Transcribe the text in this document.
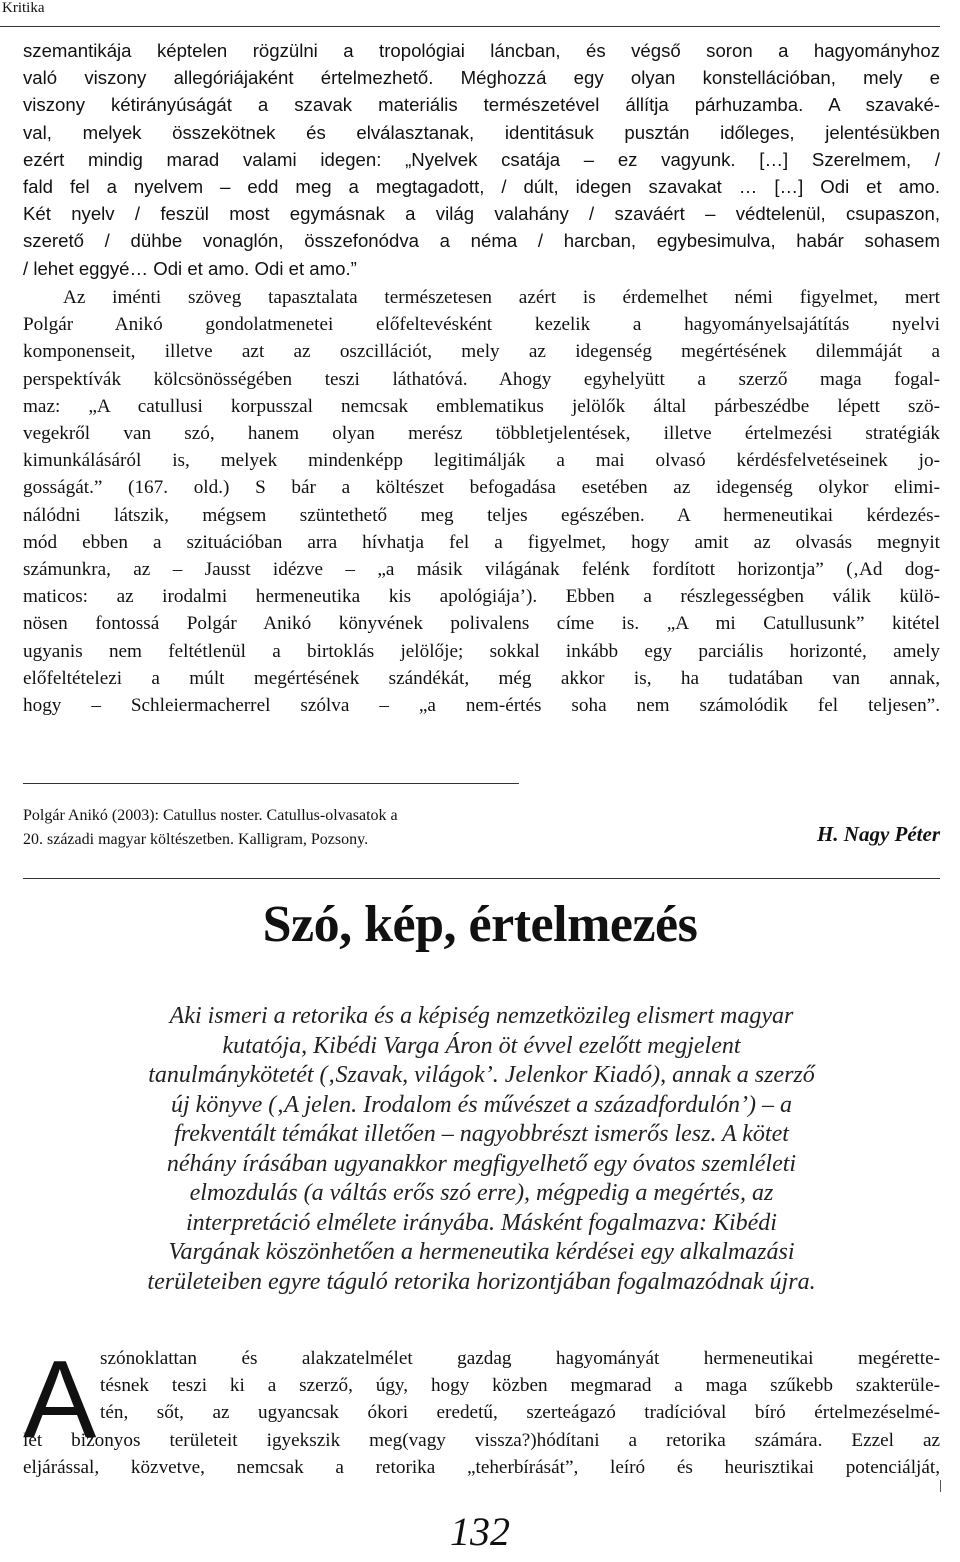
Kritika
szemantikája képtelen rögzülni a tropológiai láncban, és végső soron a hagyományhoz
való viszony allegóriájaként értelmezhető. Méghozzá egy olyan konstellációban, mely e
viszony kétirányúságát a szavak materiális természetével állítja párhuzamba. A szavaké-
val, melyek összekötnek és elválasztanak, identitásuk pusztán időleges, jelentésükben
ezért mindig marad valami idegen: „Nyelvek csatája – ez vagyunk. […] Szerelmem, /
fald fel a nyelvem – edd meg a megtagadott, / dúlt, idegen szavakat … […] Odi et amo.
Két nyelv / feszül most egymásnak a világ valahány / szaváért – védtelenül, csupaszon,
szerető / dühbe vonaglón, összefonódva a néma / harcban, egybesimulva, habár sohasem
/ lehet eggyé… Odi et amo. Odi et amo.”
Az iménti szöveg tapasztalata természetesen azért is érdemelhet némi figyelmet, mert
Polgár Anikó gondolatmenetei előfeltevésként kezelik a hagyományelsajátítás nyelvi
komponenseit, illetve azt az oszcillációt, mely az idegenség megértésének dilemmáját a
perspektívák kölcsönösségében teszi láthatóvá. Ahogy egyhelyütt a szerző maga fogal-
maz: „A catullusi korpusszal nemcsak emblematikus jelölők által párbeszédbe lépett szö-
vegekről van szó, hanem olyan merész többletjelentések, illetve értelmezési stratégiák
kimunkálásáról is, melyek mindenképp legitimálják a mai olvasó kérdésfelvetéseinek jo-
gosságát.” (167. old.) S bár a költészet befogadása esetében az idegenség olykor elimi-
nálódni látszik, mégsem szüntethető meg teljes egészében. A hermeneutikai kérdezés-
mód ebben a szituációban arra hívhatja fel a figyelmet, hogy amit az olvasás megnyit
számunkra, az – Jausst idézve – „a másik világának felénk fordított horizontja” (‚Ad dog-
maticos: az irodalmi hermeneutika kis apológiája’). Ebben a részlegességben válik külö-
nösen fontossá Polgár Anikó könyvének polivalens címe is. „A mi Catullusunk” kitétel
ugyanis nem feltétlenül a birtoklás jelölője; sokkal inkább egy parciális horizonté, amely
előfeltételezi a múlt megértésének szándékát, még akkor is, ha tudatában van annak,
hogy – Schleiermacherrel szólva – „a nem-értés soha nem számolódik fel teljesen”.
Polgár Anikó (2003): Catullus noster. Catullus-olvasatok a
20. századi magyar költészetben. Kalligram, Pozsony.	H. Nagy Péter
Szó, kép, értelmezés
Aki ismeri a retorika és a képiség nemzetközileg elismert magyar
kutatója, Kibédi Varga Áron öt évvel ezelőtt megjelent
tanulmánykötetét (‚Szavak, világok’. Jelenkor Kiadó), annak a szerző
új könyve (‚A jelen. Irodalom és művészet a századfordulón’) – a
frekventált témákat illetően – nagyobbrészt ismerős lesz. A kötet
néhány írásában ugyanakkor megfigyelhető egy óvatos szemléleti
elmozdulás (a váltás erős szó erre), mégpedig a megértés, az
interpretáció elmélete irányába. Másként fogalmazva: Kibédi
Vargának köszönhetően a hermeneutika kérdései egy alkalmazási
területeiben egyre táguló retorika horizontjában fogalmazódnak újra.
A szónoklattan és alakzatelmélet gazdag hagyományát hermeneutikai megérette-
tésnek teszi ki a szerző, úgy, hogy közben megmarad a maga szűkebb szakterüle-
tén, sőt, az ugyancsak ókori eredetű, szerteágazó tradícióval bíró értelmezéselmé-
let bizonyos területeit igyekszik meg(vagy vissza?)hódítani a retorika számára. Ezzel az
eljárással, közvetve, nemcsak a retorika „teherbírását”, leíró és heurisztikai potenciálját,
132
